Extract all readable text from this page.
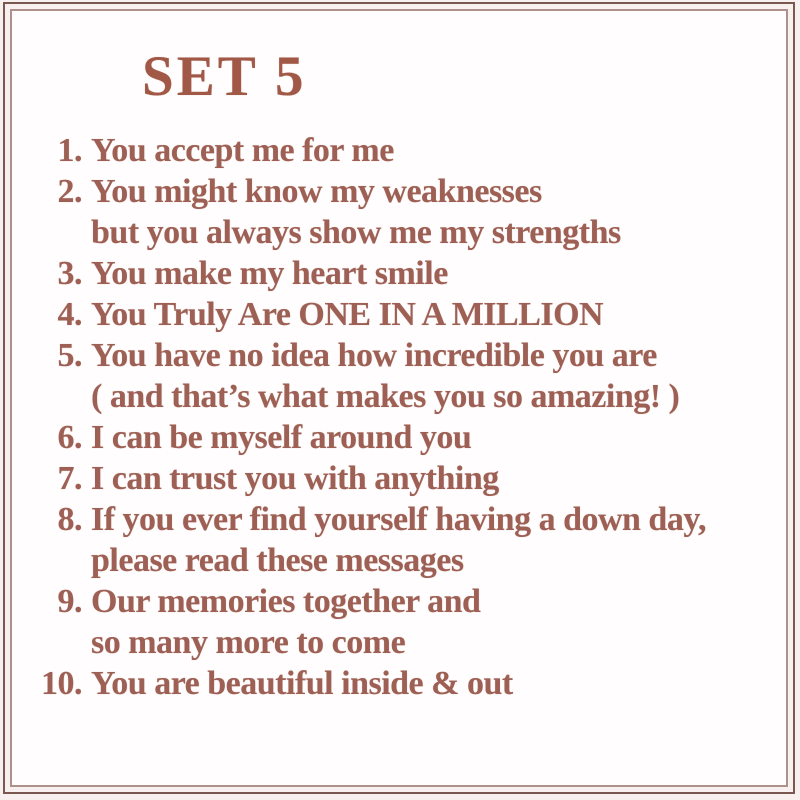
SET 5
1. You accept me for me
2. You might know my weaknesses
but you always show me my strengths
3. You make my heart smile
4. You Truly Are ONE IN A MILLION
5. You have no idea how incredible you are
( and that’s what makes you so amazing! )
6. I can be myself around you
7. I can trust you with anything
8. If you ever find yourself having a down day,
please read these messages
9. Our memories together and
so many more to come
10. You are beautiful inside & out
